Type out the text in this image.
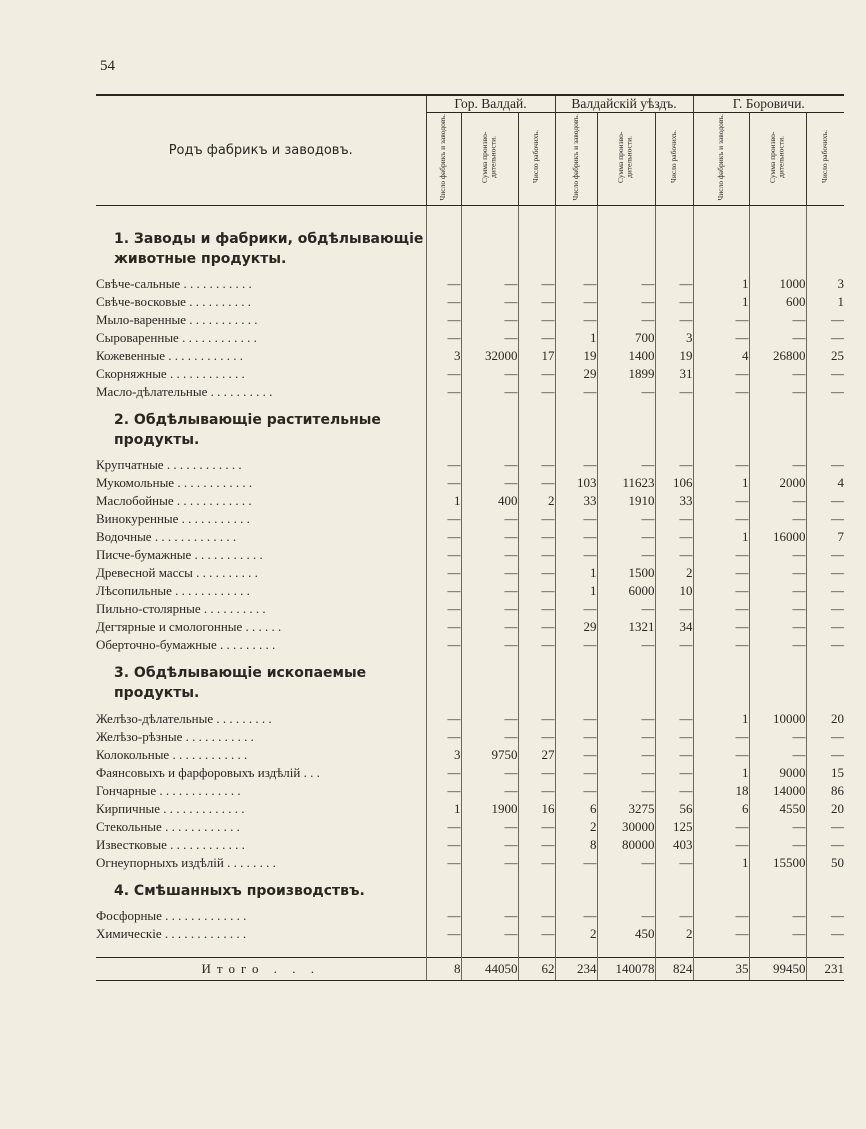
54
Родъ фабрикъ и заводовъ.	Гор. Валдай.			Валдайскій уѣздъ.			Г. Боровичи.		
	Число фабрикъ и заводовъ.	Сумма произво-дительности.	Число рабочихъ.	Число фабрикъ и заводовъ.	Сумма произво-дительности.	Число рабочихъ.	Число фабрикъ и заводовъ.	Сумма произво-дительности.	Число рабочихъ.

1. Заводы и фабрики, обдѣлывающіе животные продукты.									
Свѣче-сальные . . . . . . . . . . .	—	—	—	—	—	—	1	1000	3
Свѣче-восковые . . . . . . . . . .	—	—	—	—	—	—	1	600	1
Мыло-варенные . . . . . . . . . . .	—	—	—	—	—	—	—	—	—
Сыроваренные . . . . . . . . . . . .	—	—	—	1	700	3	—	—	—
Кожевенные . . . . . . . . . . . .	3	32000	17	19	1400	19	4	26800	25
Скорняжные . . . . . . . . . . . .	—	—	—	29	1899	31	—	—	—
Масло-дѣлательные . . . . . . . . . .	—	—	—	—	—	—	—	—	—
2. Обдѣлывающіе растительные продукты.									
Крупчатные . . . . . . . . . . . .	—	—	—	—	—	—	—	—	—
Мукомольные . . . . . . . . . . . .	—	—	—	103	11623	106	1	2000	4
Маслобойные . . . . . . . . . . . .	1	400	2	33	1910	33	—	—	—
Винокуренные . . . . . . . . . . .	—	—	—	—	—	—	—	—	—
Водочные . . . . . . . . . . . . .	—	—	—	—	—	—	1	16000	7
Писче-бумажные . . . . . . . . . . .	—	—	—	—	—	—	—	—	—
Древесной массы . . . . . . . . . .	—	—	—	1	1500	2	—	—	—
Лѣсопильные . . . . . . . . . . . .	—	—	—	1	6000	10	—	—	—
Пильно-столярные . . . . . . . . . .	—	—	—	—	—	—	—	—	—
Дегтярные и смологонные . . . . . .	—	—	—	29	1321	34	—	—	—
Оберточно-бумажные . . . . . . . . .	—	—	—	—	—	—	—	—	—
3. Обдѣлывающіе ископаемые продукты.									
Желѣзо-дѣлательные . . . . . . . . .	—	—	—	—	—	—	1	10000	20
Желѣзо-рѣзные . . . . . . . . . . .	—	—	—	—	—	—	—	—	—
Колокольные . . . . . . . . . . . .	3	9750	27	—	—	—	—	—	—
Фаянсовыхъ и фарфоровыхъ издѣлій . . .	—	—	—	—	—	—	1	9000	15
Гончарные . . . . . . . . . . . . .	—	—	—	—	—	—	18	14000	86
Кирпичные . . . . . . . . . . . . .	1	1900	16	6	3275	56	6	4550	20
Стекольные . . . . . . . . . . . .	—	—	—	2	30000	125	—	—	—
Известковые . . . . . . . . . . . .	—	—	—	8	80000	403	—	—	—
Огнеупорныхъ издѣлій . . . . . . . .	—	—	—	—	—	—	1	15500	50
4. Смѣшанныхъ производствъ.									
Фосфорные . . . . . . . . . . . . .	—	—	—	—	—	—	—	—	—
Химическіе . . . . . . . . . . . . .	—	—	—	2	450	2	—	—	—

Итого . . .	8	44050	62	234	140078	824	35	99450	231
